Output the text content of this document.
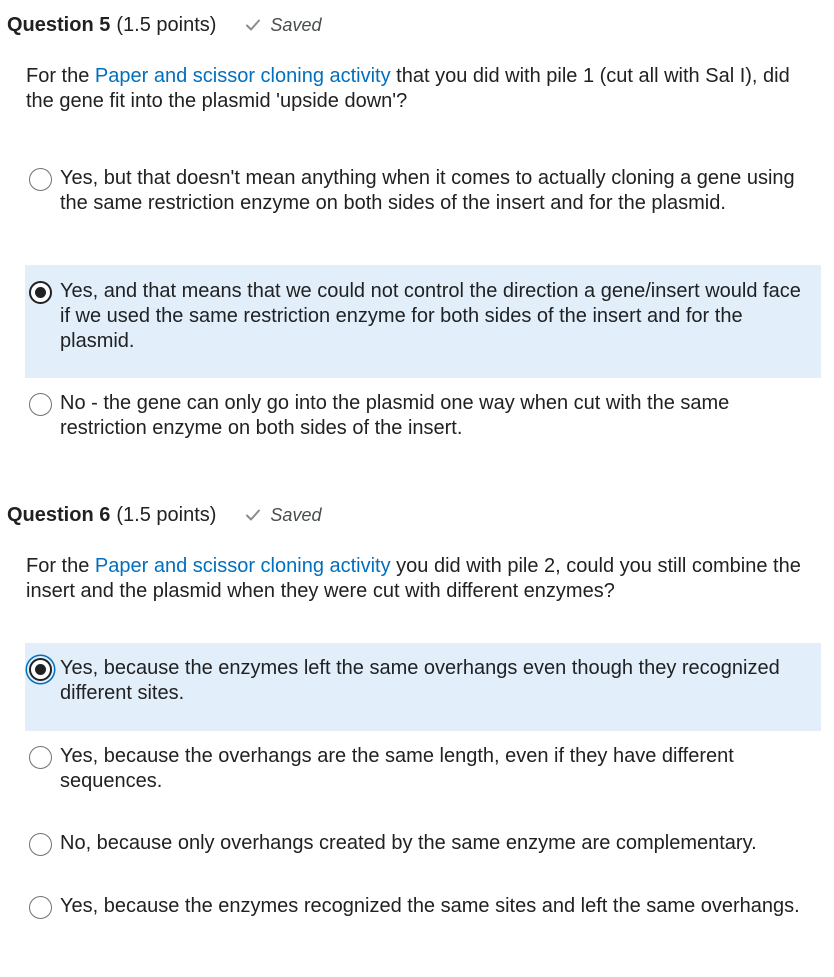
Question 5 (1.5 points)	Saved
For the Paper and scissor cloning activity that you did with pile 1 (cut all with Sal I), did the gene fit into the plasmid 'upside down'?
Yes, but that doesn't mean anything when it comes to actually cloning a gene using the same restriction enzyme on both sides of the insert and for the plasmid.
Yes, and that means that we could not control the direction a gene/insert would face if we used the same restriction enzyme for both sides of the insert and for the plasmid.
No - the gene can only go into the plasmid one way when cut with the same restriction enzyme on both sides of the insert.
Question 6 (1.5 points)	Saved
For the Paper and scissor cloning activity you did with pile 2, could you still combine the insert and the plasmid when they were cut with different enzymes?
Yes, because the enzymes left the same overhangs even though they recognized different sites.
Yes, because the overhangs are the same length, even if they have different sequences.
No, because only overhangs created by the same enzyme are complementary.
Yes, because the enzymes recognized the same sites and left the same overhangs.
